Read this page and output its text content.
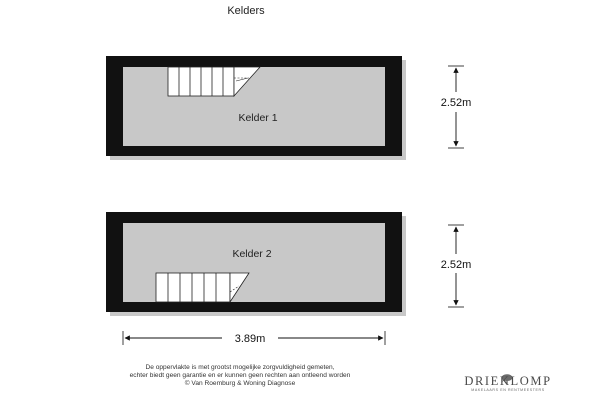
Kelders
Kelder 1
Kelder 2
2.52m
2.52m
3.89m
De oppervlakte is met grootst mogelijke zorgvuldigheid gemeten,
echter biedt geen garantie en er kunnen geen rechten aan ontleend worden
© Van Roemburg & Woning Diagnose	DRIEKLOMP
MAKELAARS EN RENTMEESTERS
